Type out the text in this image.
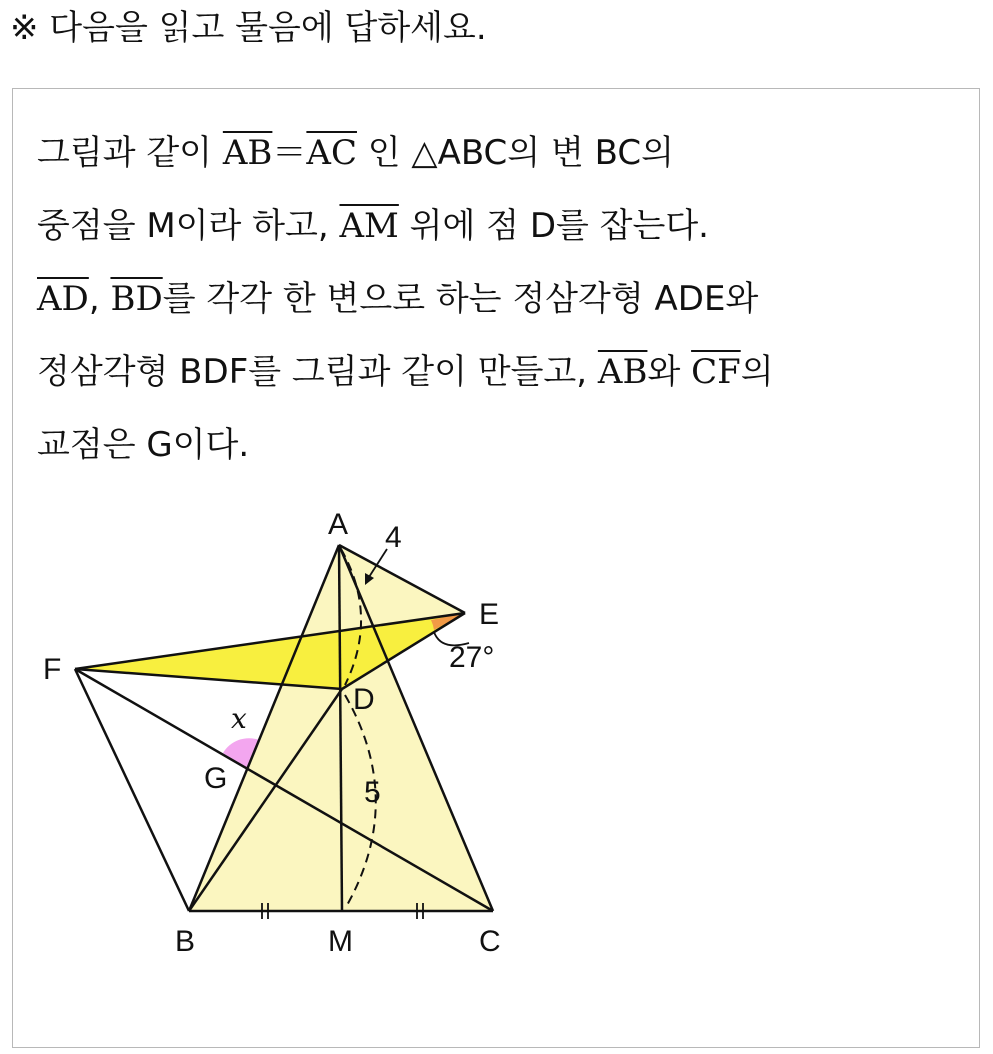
※ 다음을 읽고 물음에 답하세요.
그림과 같이 $\overline{AB}=\overline{AC}$ 인 △ABC의 변 BC의
중점을 M이라 하고, $\overline{AM}$ 위에 점 D를 잡는다.
$\overline{AD}$, $\overline{BD}$를 각각 한 변으로 하는 정삼각형 ADE와
정삼각형 BDF를 그림과 같이 만들고, $\overline{AB}$와 $\overline{CF}$의
교점은 G이다.
A 4
E
27°
F
D
x
G	5
B	M	C
